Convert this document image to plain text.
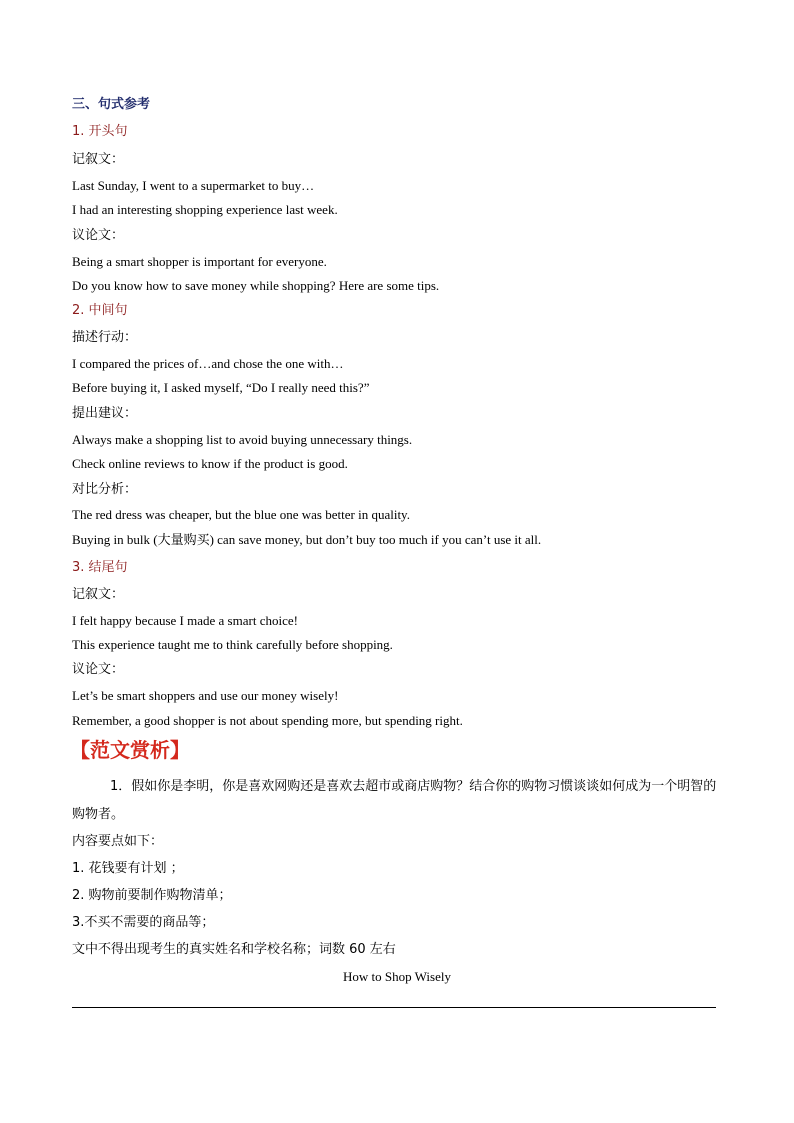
三、句式参考
1. 开头句
记叙文：
Last Sunday, I went to a supermarket to buy…
I had an interesting shopping experience last week.
议论文：
Being a smart shopper is important for everyone.
Do you know how to save money while shopping? Here are some tips.
2. 中间句
描述行动：
I compared the prices of…and chose the one with…
Before buying it, I asked myself, “Do I really need this?”
提出建议：
Always make a shopping list to avoid buying unnecessary things.
Check online reviews to know if the product is good.
对比分析：
The red dress was cheaper, but the blue one was better in quality.
Buying in bulk (大量购买) can save money, but don’t buy too much if you can’t use it all.
3. 结尾句
记叙文：
I felt happy because I made a smart choice!
This experience taught me to think carefully before shopping.
议论文：
Let’s be smart shoppers and use our money wisely!
Remember, a good shopper is not about spending more, but spending right.
【范文赏析】
1．假如你是李明，你是喜欢网购还是喜欢去超市或商店购物？结合你的购物习惯谈谈如何成为一个明智的购物者。
内容要点如下：
1. 花钱要有计划 ；
2. 购物前要制作购物清单；
3.不买不需要的商品等；
文中不得出现考生的真实姓名和学校名称；词数 60 左右
How to Shop Wisely
